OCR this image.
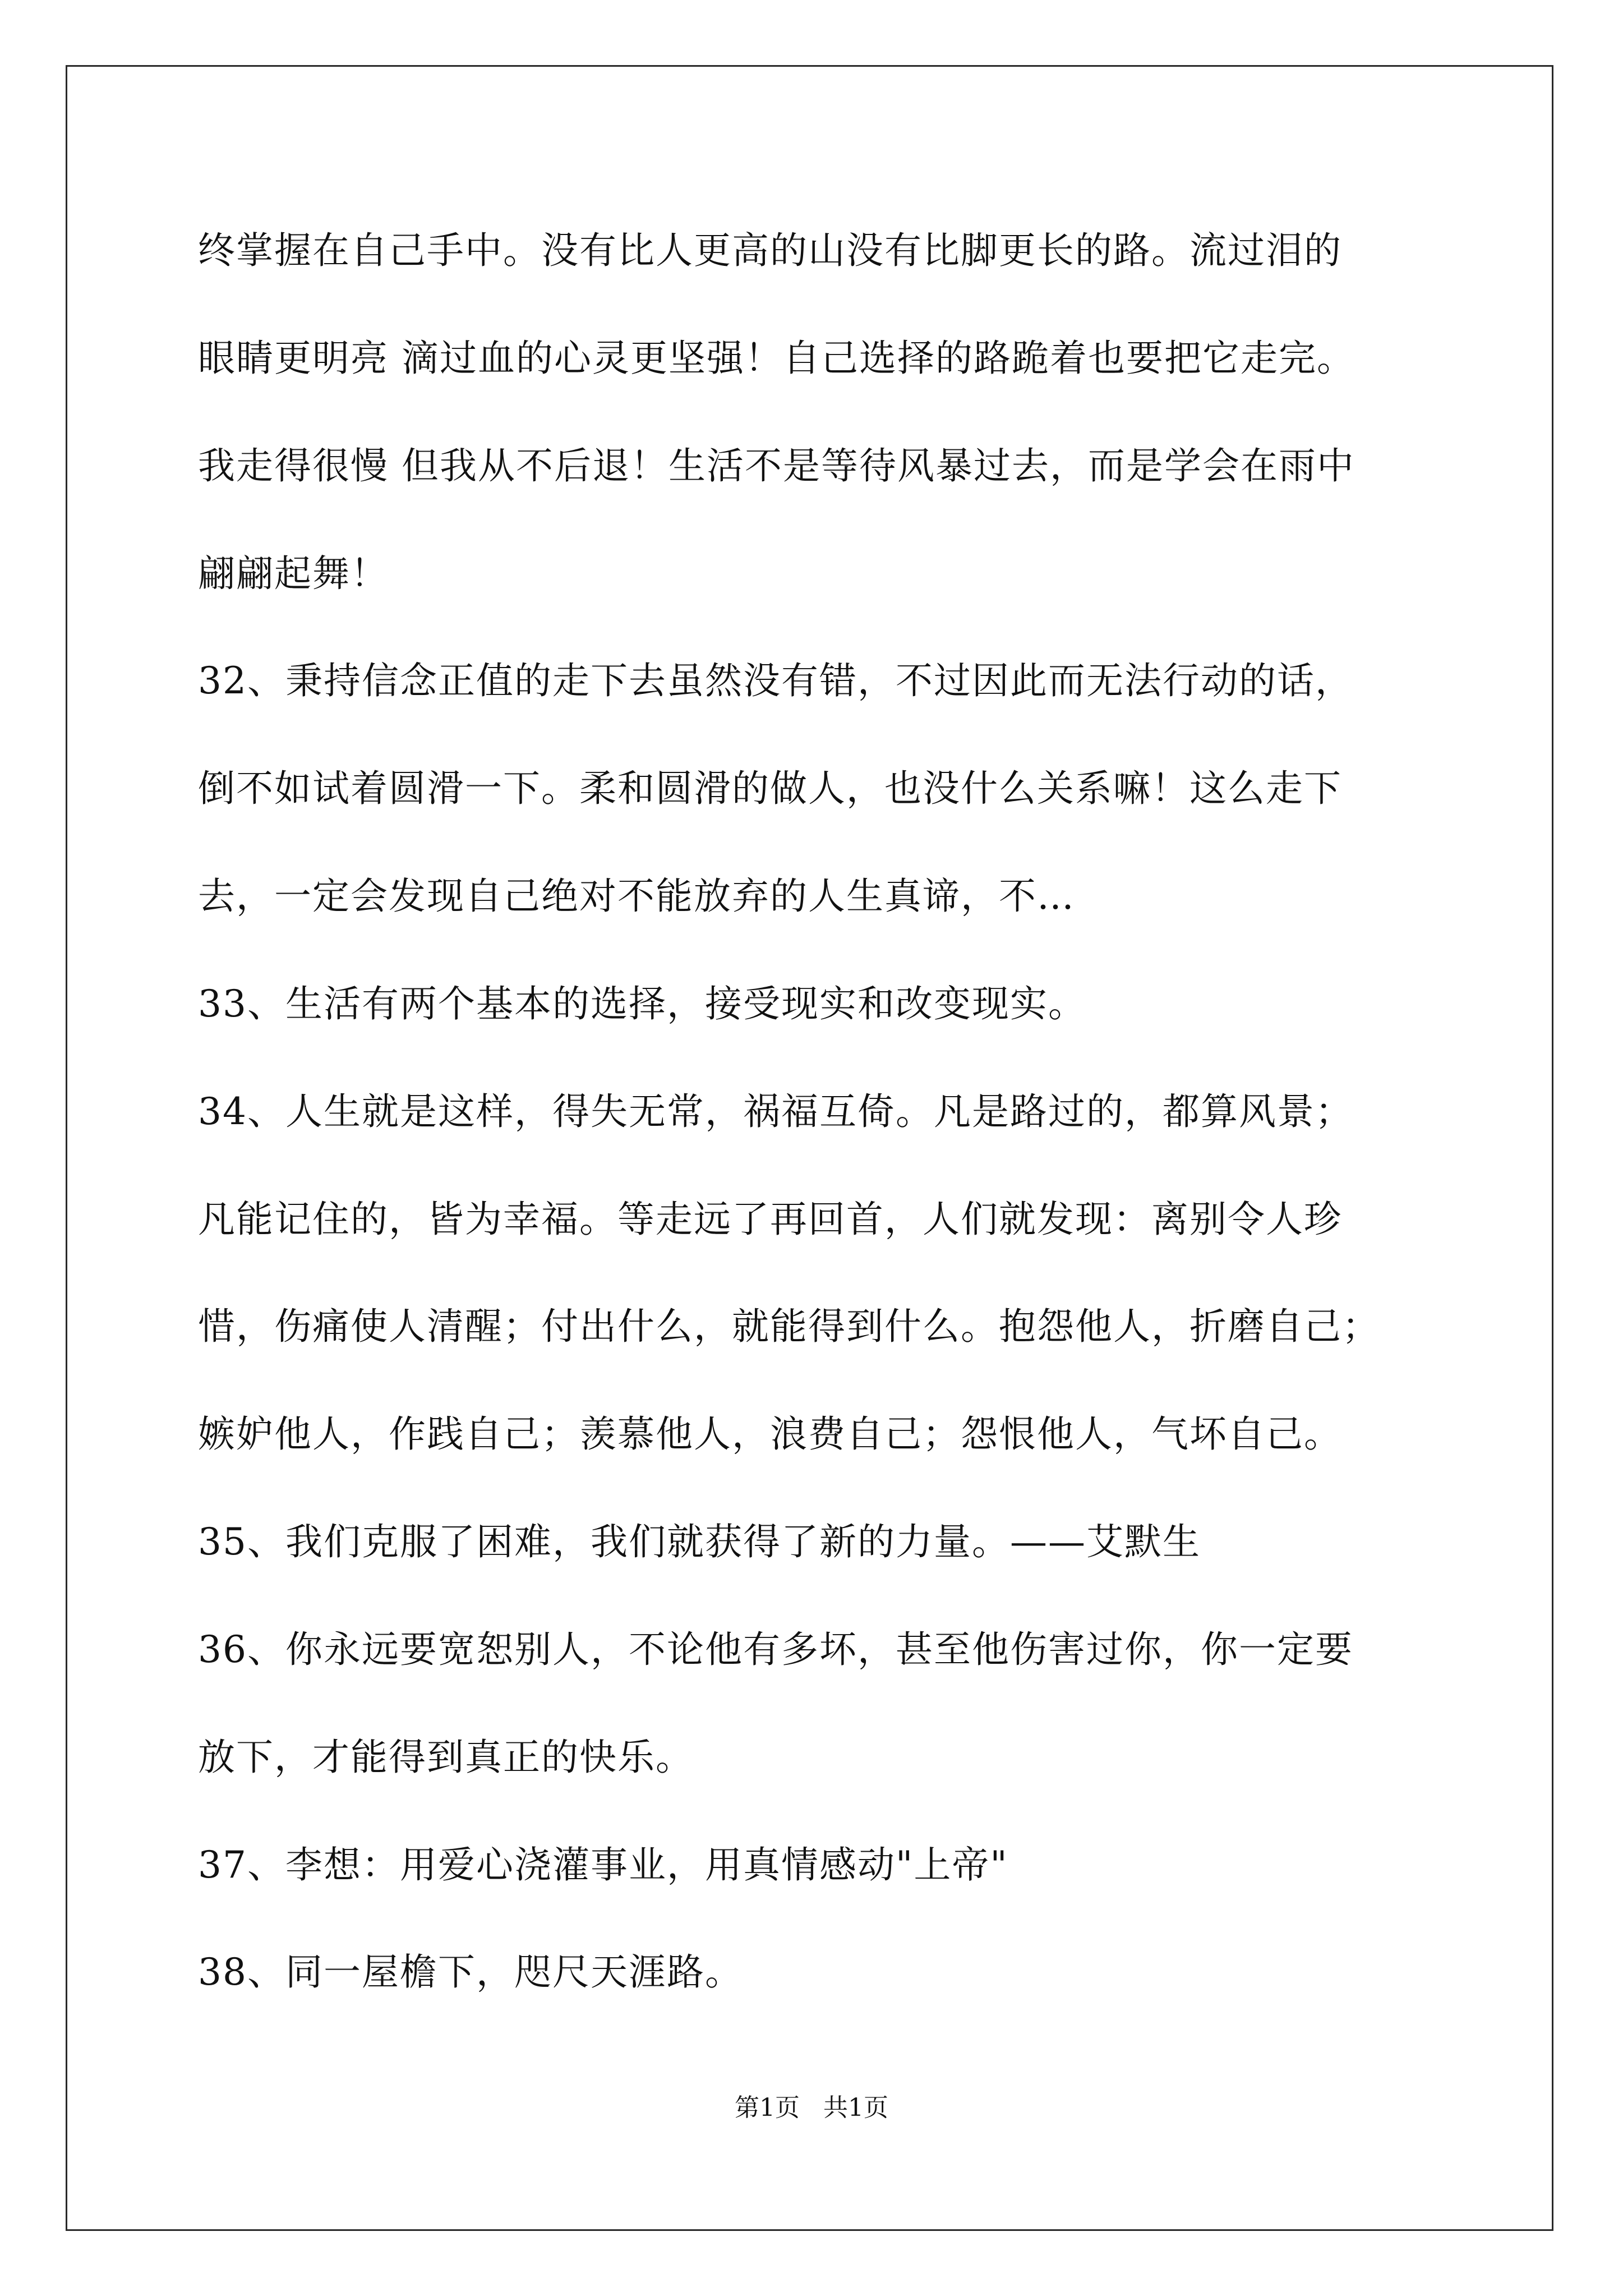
终掌握在自己手中。没有比人更高的山没有比脚更长的路。流过泪的
眼睛更明亮 滴过血的心灵更坚强！自己选择的路跪着也要把它走完。
我走得很慢 但我从不后退！生活不是等待风暴过去，而是学会在雨中
翩翩起舞！
32、秉持信念正值的走下去虽然没有错，不过因此而无法行动的话，
倒不如试着圆滑一下。柔和圆滑的做人，也没什么关系嘛！这么走下
去，一定会发现自己绝对不能放弃的人生真谛，不…
33、生活有两个基本的选择，接受现实和改变现实。
34、人生就是这样，得失无常，祸福互倚。凡是路过的，都算风景；
凡能记住的，皆为幸福。等走远了再回首，人们就发现：离别令人珍
惜，伤痛使人清醒；付出什么，就能得到什么。抱怨他人，折磨自己；
嫉妒他人，作践自己；羡慕他人，浪费自己；怨恨他人，气坏自己。
35、我们克服了困难，我们就获得了新的力量。——艾默生
36、你永远要宽恕别人，不论他有多坏，甚至他伤害过你，你一定要
放下，才能得到真正的快乐。
37、李想：用爱心浇灌事业，用真情感动"上帝"
38、同一屋檐下，咫尺天涯路。
第1页   共1页
